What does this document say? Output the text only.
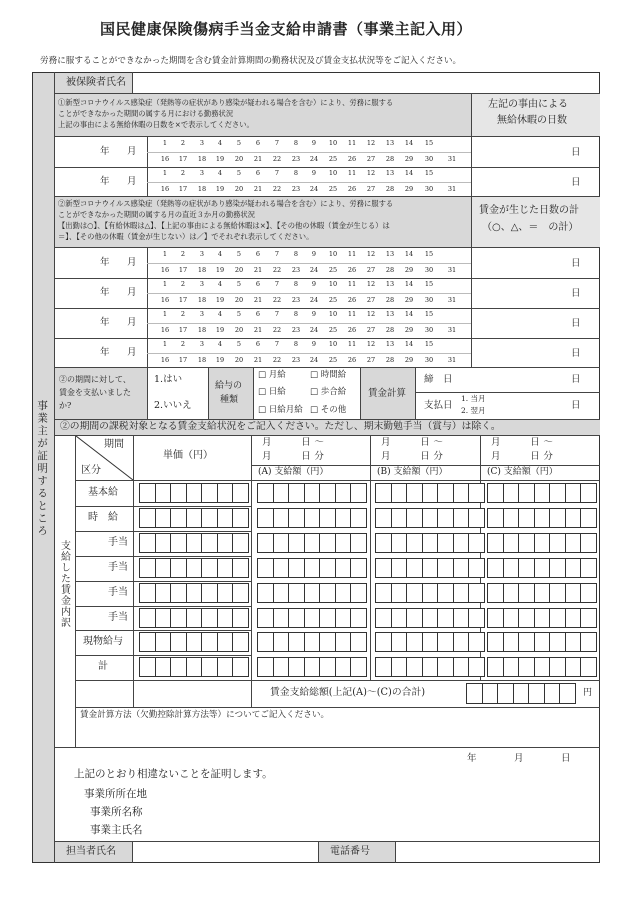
国民健康保険傷病手当金支給申請書（事業主記入用）
労務に服することができなかった期間を含む賃金計算期間の勤務状況及び賃金支払状況等をご記入ください。
事業主が証明するところ
被保険者氏名
①新型コロナウイルス感染症（発熱等の症状があり感染が疑われる場合を含む）により、労務に服する
ことができなかった期間の属する月における勤務状況
上記の事由による無給休暇の日数を×で表示してください。
左記の事由による
無給休暇の日数
②新型コロナウイルス感染症（発熱等の症状があり感染が疑われる場合を含む）により、労務に服する
ことができなかった期間の属する月の直近３か月の勤務状況
【出勤は○】、【有給休暇は△】、【上記の事由による無給休暇は×】、【その他の休暇（賃金が生じる）は
＝】、【その他の休暇（賃金が生じない）は／】でそれぞれ表示してください。
賃金が生じた日数の計
（○、△、＝　の計）
年 月
1	2	3	4	5	6	7	8	9	10 11 12 13 14 15
16 17 18 19 20 21 22 23 24 25 26 27 28 29 30 31
日
年 月
1	2	3	4	5	6	7	8	9	10 11 12 13 14 15
16 17 18 19 20 21 22 23 24 25 26 27 28 29 30 31
日
年 月
1	2	3	4	5	6	7	8	9	10 11 12 13 14 15
16 17 18 19 20 21 22 23 24 25 26 27 28 29 30 31
日
年 月
1	2	3	4	5	6	7	8	9	10 11 12 13 14 15
16 17 18 19 20 21 22 23 24 25 26 27 28 29 30 31
日
年 月
1	2	3	4	5	6	7	8	9	10 11 12 13 14 15
16 17 18 19 20 21 22 23 24 25 26 27 28 29 30 31
日
年 月
1	2	3	4	5	6	7	8	9	10 11 12 13 14 15
16 17 18 19 20 21 22 23 24 25 26 27 28 29 30 31
日
②の期間に対して、
賃金を支払いました
か?
1.はい
2.いいえ
給与の
種類
□ 月給	□ 時間給
□ 日給	□ 歩合給
□ 日給月給 □ その他
賃金計算
締　日	日
支払日
1. 当月
2. 翌月	日
②の期間の課税対象となる賃金支給状況をご記入ください。ただし、期末勤勉手当（賞与）は除く。
支給した賃金内訳
期間
区分
単価（円）
月　　　日 ～
月　　　日 分
(A) 支給額（円）
月　　　日 ～
月　　　日 分
(B) 支給額（円）
月　　　日 ～
月　　　日 分
(C) 支給額（円）
基本給
時　給
手当
手当
手当
手当
現物給与
計
賃金支給総額(上記(A)～(C)の合計)	円
賃金計算方法（欠勤控除計算方法等）についてご記入ください。
年	月	日
上記のとおり相違ないことを証明します。
事業所所在地
事業所名称
事業主氏名
担当者氏名	電話番号
